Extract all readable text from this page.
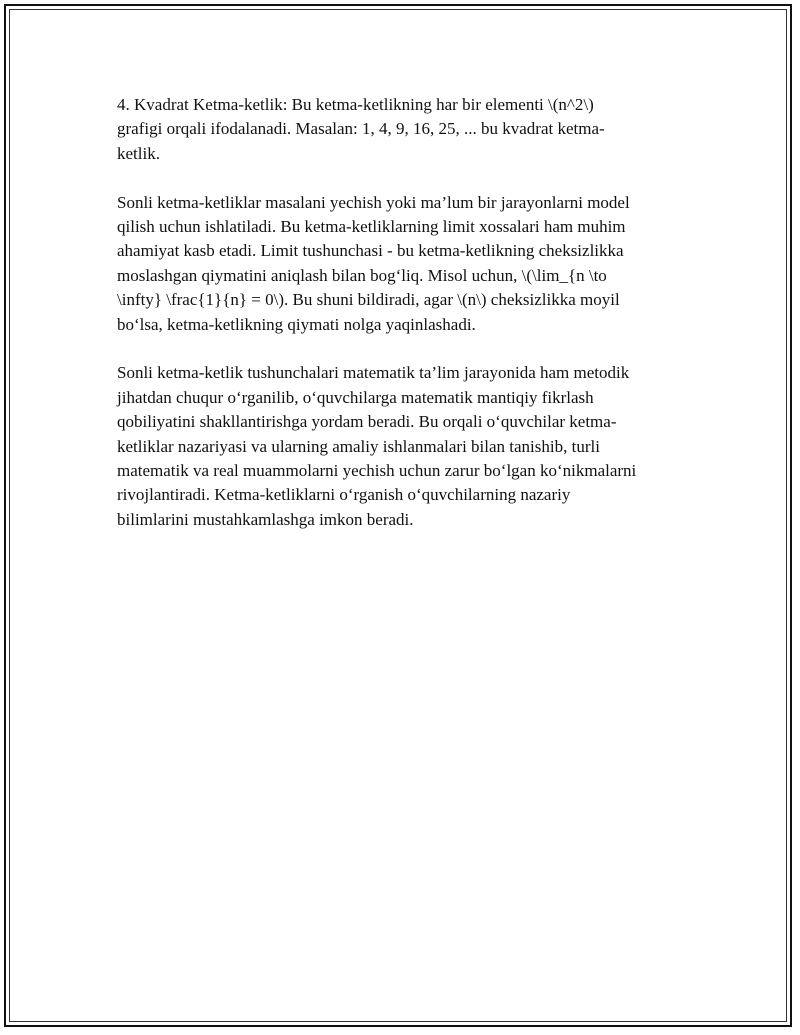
4. Kvadrat Ketma-ketlik: Bu ketma-ketlikning har bir elementi \(n^2\)
grafigi orqali ifodalanadi. Masalan: 1, 4, 9, 16, 25, ... bu kvadrat ketma-
ketlik.

Sonli ketma-ketliklar masalani yechish yoki ma’lum bir jarayonlarni model
qilish uchun ishlatiladi. Bu ketma-ketliklarning limit xossalari ham muhim
ahamiyat kasb etadi. Limit tushunchasi - bu ketma-ketlikning cheksizlikka
moslashgan qiymatini aniqlash bilan bog‘liq. Misol uchun, \(\lim_{n \to
\infty} \frac{1}{n} = 0\). Bu shuni bildiradi, agar \(n\) cheksizlikka moyil
bo‘lsa, ketma-ketlikning qiymati nolga yaqinlashadi.

Sonli ketma-ketlik tushunchalari matematik ta’lim jarayonida ham metodik
jihatdan chuqur o‘rganilib, o‘quvchilarga matematik mantiqiy fikrlash
qobiliyatini shakllantirishga yordam beradi. Bu orqali o‘quvchilar ketma-
ketliklar nazariyasi va ularning amaliy ishlanmalari bilan tanishib, turli
matematik va real muammolarni yechish uchun zarur bo‘lgan ko‘nikmalarni
rivojlantiradi. Ketma-ketliklarni o‘rganish o‘quvchilarning nazariy
bilimlarini mustahkamlashga imkon beradi.
